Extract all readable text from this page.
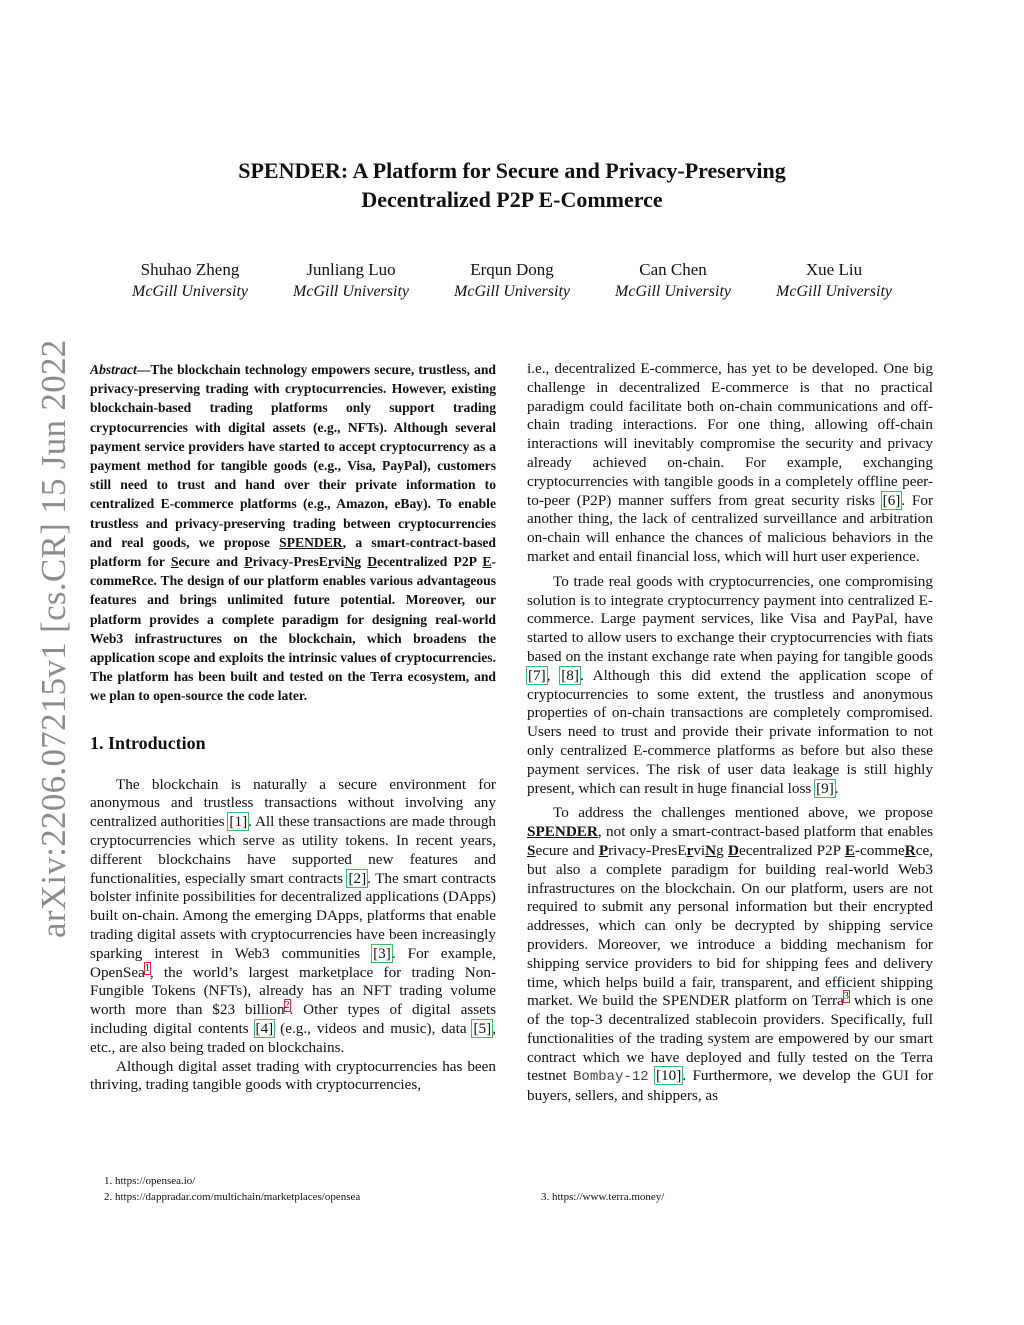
arXiv:2206.07215v1 [cs.CR] 15 Jun 2022
SPENDER: A Platform for Secure and Privacy-Preserving
Decentralized P2P E-Commerce
Shuhao Zheng
McGill University
Junliang Luo
McGill University
Erqun Dong
McGill University
Can Chen
McGill University
Xue Liu
McGill University

Abstract—The blockchain technology empowers secure, trustless, and privacy-preserving trading with cryptocurrencies. However, existing blockchain-based trading platforms only support trading cryptocurrencies with digital assets (e.g., NFTs). Although several payment service providers have started to accept cryptocurrency as a payment method for tangible goods (e.g., Visa, PayPal), customers still need to trust and hand over their private information to centralized E-commerce platforms (e.g., Amazon, eBay). To enable trustless and privacy-preserving trading between cryptocurrencies and real goods, we propose SPENDER, a smart-contract-based platform for Secure and Privacy-PresErviNg Decentralized P2P E-commeRce. The design of our platform enables various advantageous features and brings unlimited future potential. Moreover, our platform provides a complete paradigm for designing real-world Web3 infrastructures on the blockchain, which broadens the application scope and exploits the intrinsic values of cryptocurrencies. The platform has been built and tested on the Terra ecosystem, and we plan to open-source the code later.

1. Introduction

The blockchain is naturally a secure environment for anonymous and trustless transactions without involving any centralized authorities [1]. All these transactions are made through cryptocurrencies which serve as utility tokens. In recent years, different blockchains have supported new features and functionalities, especially smart contracts [2]. The smart contracts bolster infinite possibilities for decentralized applications (DApps) built on-chain. Among the emerging DApps, platforms that enable trading digital assets with cryptocurrencies have been increasingly sparking interest in Web3 communities [3]. For example, OpenSea$^1$, the world’s largest marketplace for trading Non-Fungible Tokens (NFTs), already has an NFT trading volume worth more than $23 billion$^2$. Other types of digital assets including digital contents [4] (e.g., videos and music), data [5], etc., are also being traded on blockchains.

Although digital asset trading with cryptocurrencies has been thriving, trading tangible goods with cryptocurrencies,

i.e., decentralized E-commerce, has yet to be developed. One big challenge in decentralized E-commerce is that no practical paradigm could facilitate both on-chain communications and off-chain trading interactions. For one thing, allowing off-chain interactions will inevitably compromise the security and privacy already achieved on-chain. For example, exchanging cryptocurrencies with tangible goods in a completely offline peer-to-peer (P2P) manner suffers from great security risks [6]. For another thing, the lack of centralized surveillance and arbitration on-chain will enhance the chances of malicious behaviors in the market and entail financial loss, which will hurt user experience.

To trade real goods with cryptocurrencies, one compromising solution is to integrate cryptocurrency payment into centralized E-commerce. Large payment services, like Visa and PayPal, have started to allow users to exchange their cryptocurrencies with fiats based on the instant exchange rate when paying for tangible goods [7], [8]. Although this did extend the application scope of cryptocurrencies to some extent, the trustless and anonymous properties of on-chain transactions are completely compromised. Users need to trust and provide their private information to not only centralized E-commerce platforms as before but also these payment services. The risk of user data leakage is still highly present, which can result in huge financial loss [9].

To address the challenges mentioned above, we propose SPENDER, not only a smart-contract-based platform that enables Secure and Privacy-PresErviNg Decentralized P2P E-commeRce, but also a complete paradigm for building real-world Web3 infrastructures on the blockchain. On our platform, users are not required to submit any personal information but their encrypted addresses, which can only be decrypted by shipping service providers. Moreover, we introduce a bidding mechanism for shipping service providers to bid for shipping fees and delivery time, which helps build a fair, transparent, and efficient shipping market. We build the SPENDER platform on Terra$^3$ which is one of the top-3 decentralized stablecoin providers. Specifically, full functionalities of the trading system are empowered by our smart contract which we have deployed and fully tested on the Terra testnet Bombay-12 [10]. Furthermore, we develop the GUI for buyers, sellers, and shippers, as

1. https://opensea.io/
2. https://dappradar.com/multichain/marketplaces/opensea	3. https://www.terra.money/
